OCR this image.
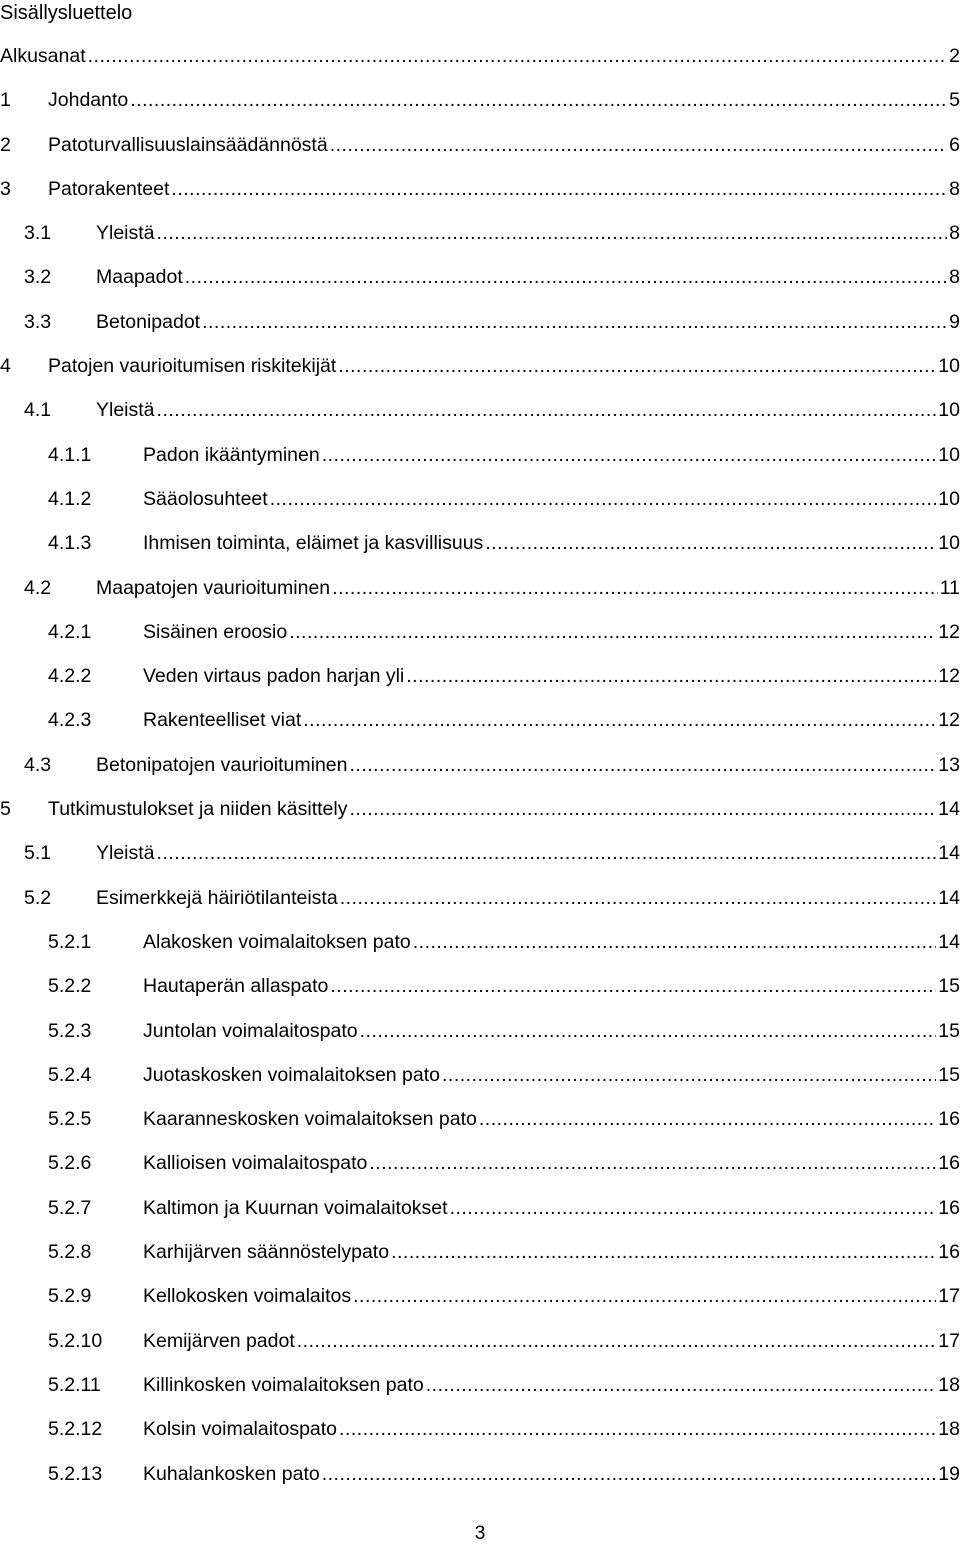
Sisällysluettelo
Alkusanat .....	2
1 Johdanto .....	5
2 Patoturvallisuuslainsäädännöstä .....	6
3 Patorakenteet .....	8
3.1 Yleistä .....	8
3.2 Maapadot .....	8
3.3 Betonipadot .....	9
4 Patojen vaurioitumisen riskitekijät .....	10
4.1 Yleistä .....	10
4.1.1	Padon ikääntyminen .....	10
4.1.2	Sääolosuhteet .....	10
4.1.3	Ihmisen toiminta, eläimet ja kasvillisuus .....	10
4.2 Maapatojen vaurioituminen .....	11
4.2.1	Sisäinen eroosio .....	12
4.2.2	Veden virtaus padon harjan yli .....	12
4.2.3	Rakenteelliset viat .....	12
4.3 Betonipatojen vaurioituminen .....	13
5 Tutkimustulokset ja niiden käsittely .....	14
5.1 Yleistä .....	14
5.2 Esimerkkejä häiriötilanteista .....	14
5.2.1	Alakosken voimalaitoksen pato .....	14
5.2.2	Hautaperän allaspato .....	15
5.2.3	Juntolan voimalaitospato .....	15
5.2.4	Juotaskosken voimalaitoksen pato .....	15
5.2.5	Kaaranneskosken voimalaitoksen pato .....	16
5.2.6	Kallioisen voimalaitospato .....	16
5.2.7	Kaltimon ja Kuurnan voimalaitokset .....	16
5.2.8	Karhijärven säännöstelypato .....	16
5.2.9	Kellokosken voimalaitos .....	17
5.2.10 Kemijärven padot .....	17
5.2.11 Killinkosken voimalaitoksen pato .....	18
5.2.12 Kolsin voimalaitospato .....	18
5.2.13 Kuhalankosken pato .....	19
3
